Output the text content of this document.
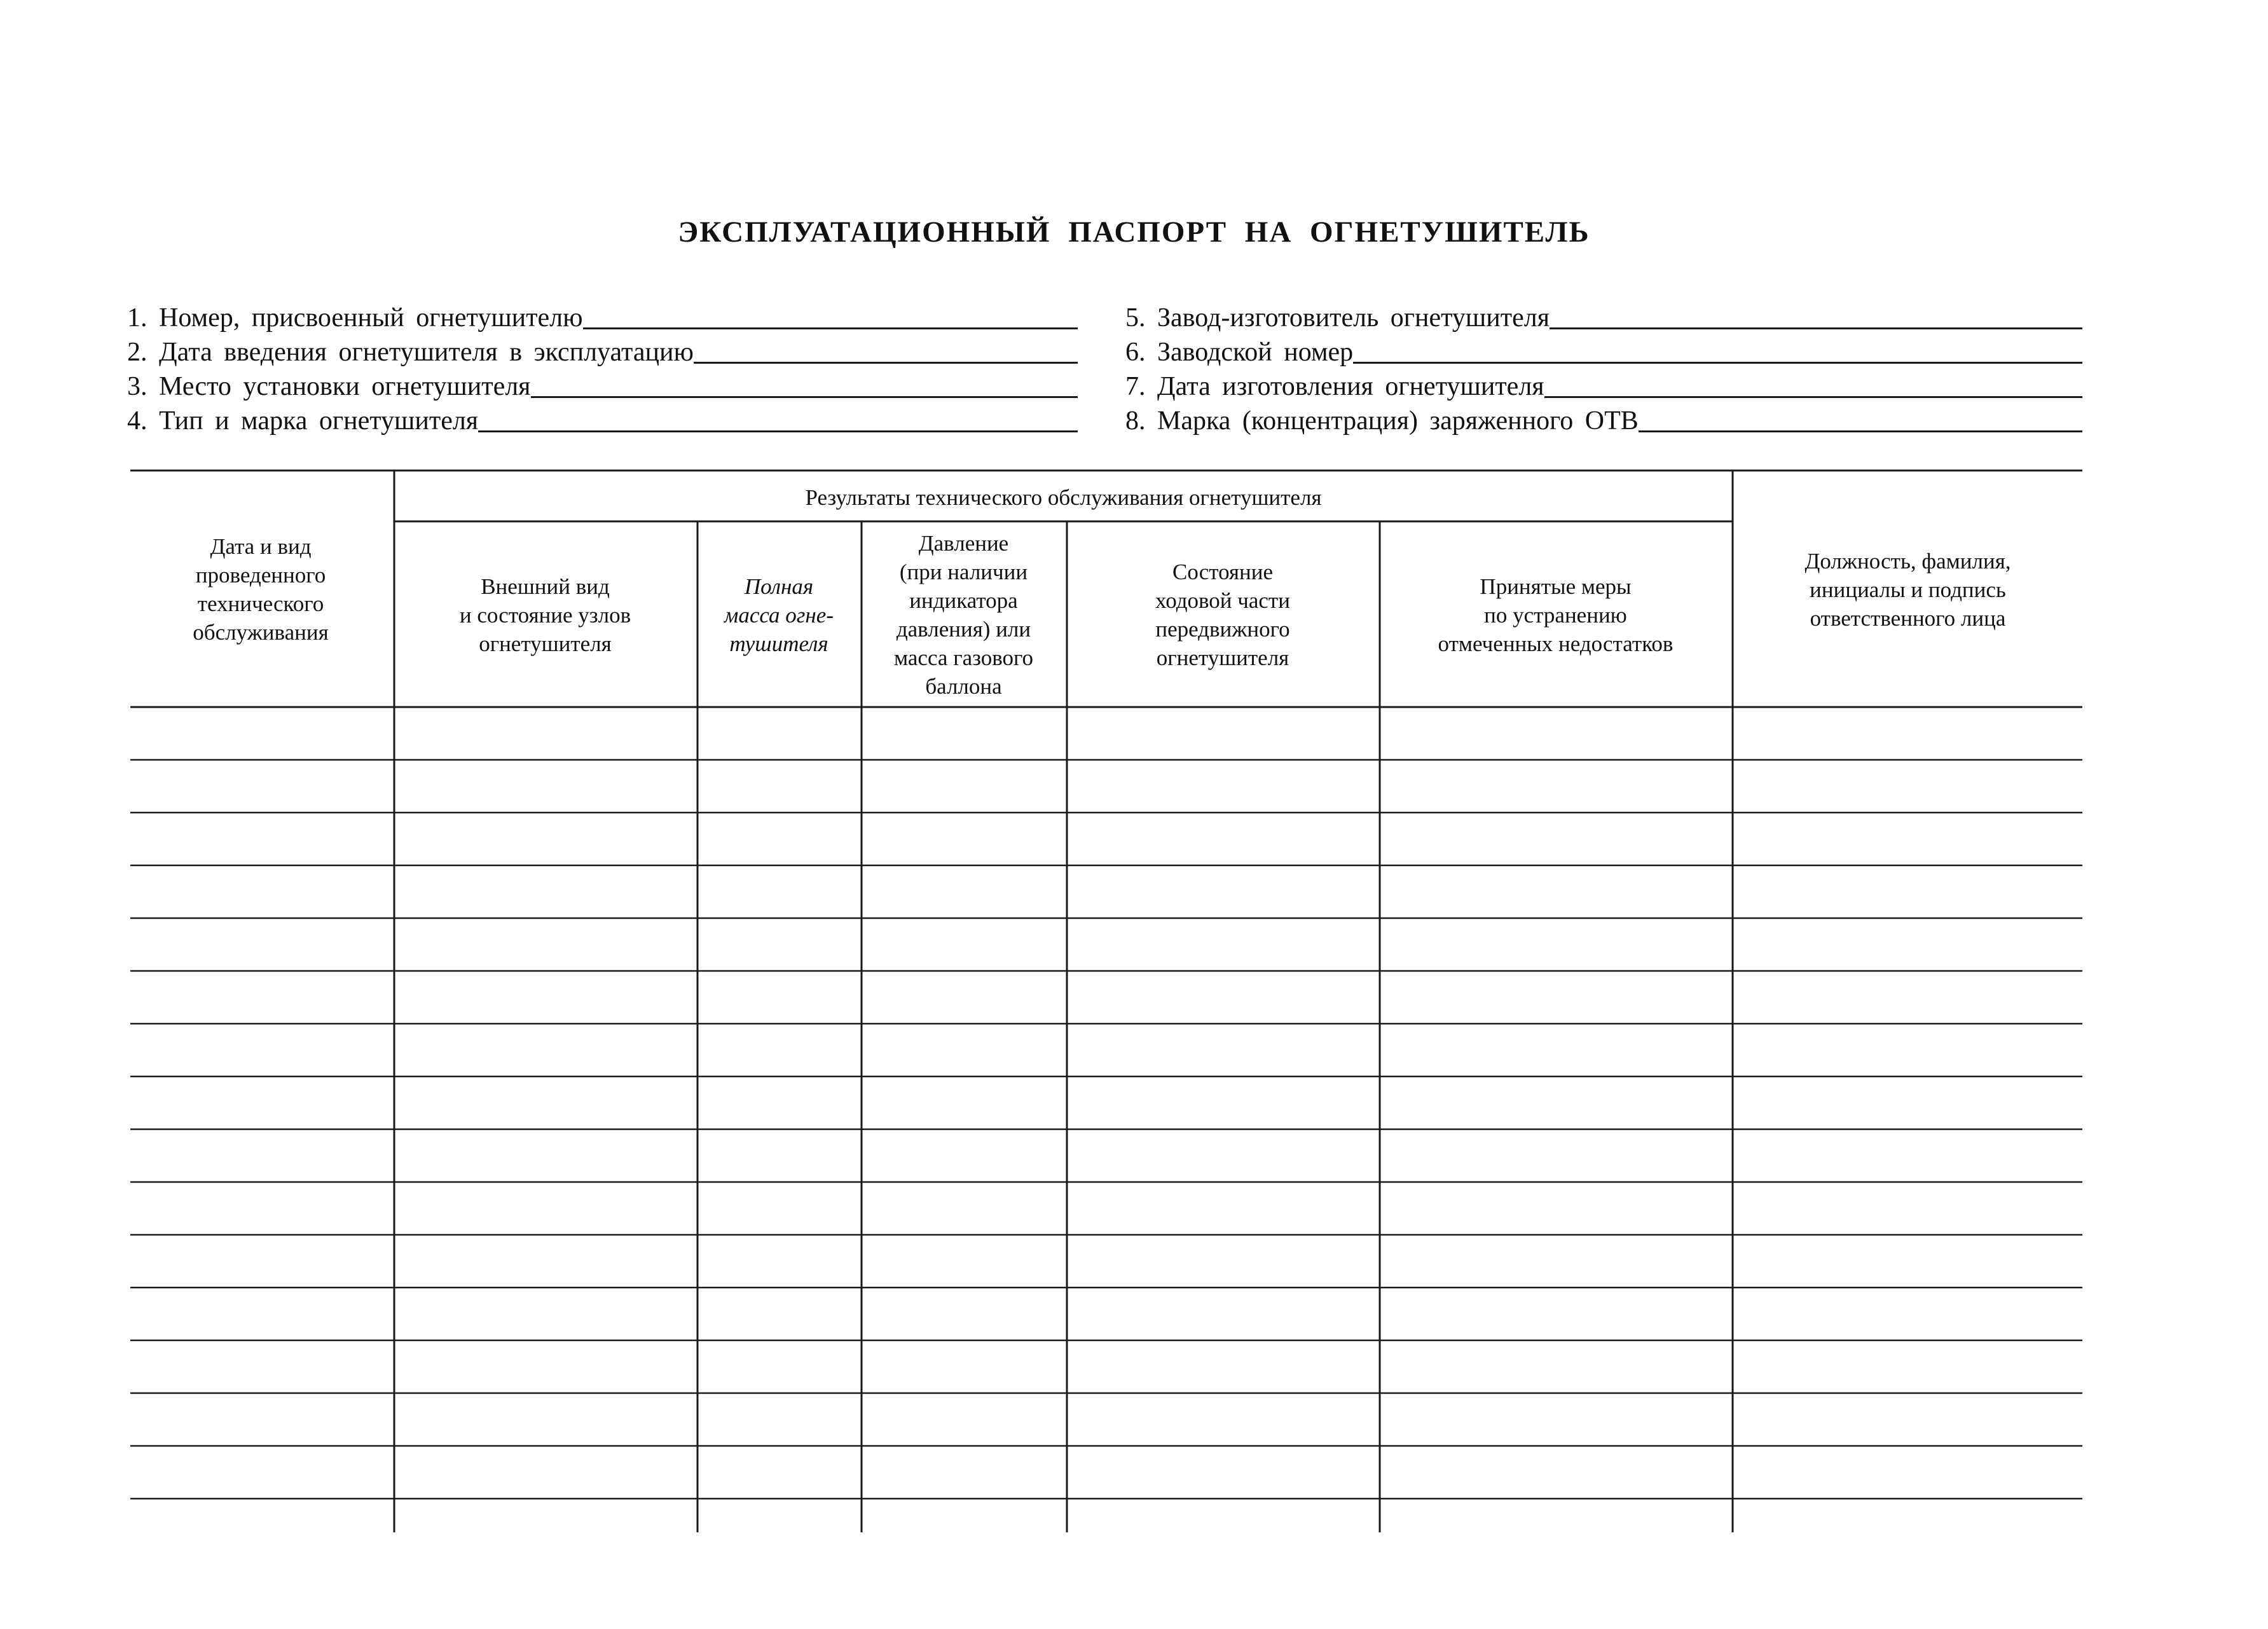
ЭКСПЛУАТАЦИОННЫЙ ПАСПОРТ НА ОГНЕТУШИТЕЛЬ
1.
Номер, присвоенный огнетушителю
2.
Дата введения огнетушителя в эксплуатацию
3.
Место установки огнетушителя
4.
Тип и марка огнетушителя
5.
Завод-изготовитель огнетушителя
6.
Заводской номер
7.
Дата изготовления огнетушителя
8.
Марка (концентрация) заряженного ОТВ
Результаты технического обслуживания огнетушителя
Дата и вид
проведенного
технического
обслуживания
Внешний вид
и состояние узлов
огнетушителя
Полная
масса огне-
тушителя
Давление
(при наличии
индикатора
давления) или
масса газового
баллона
Состояние
ходовой части
передвижного
огнетушителя
Принятые меры
по устранению
отмеченных недостатков
Должность, фамилия,
инициалы и подпись
ответственного лица
